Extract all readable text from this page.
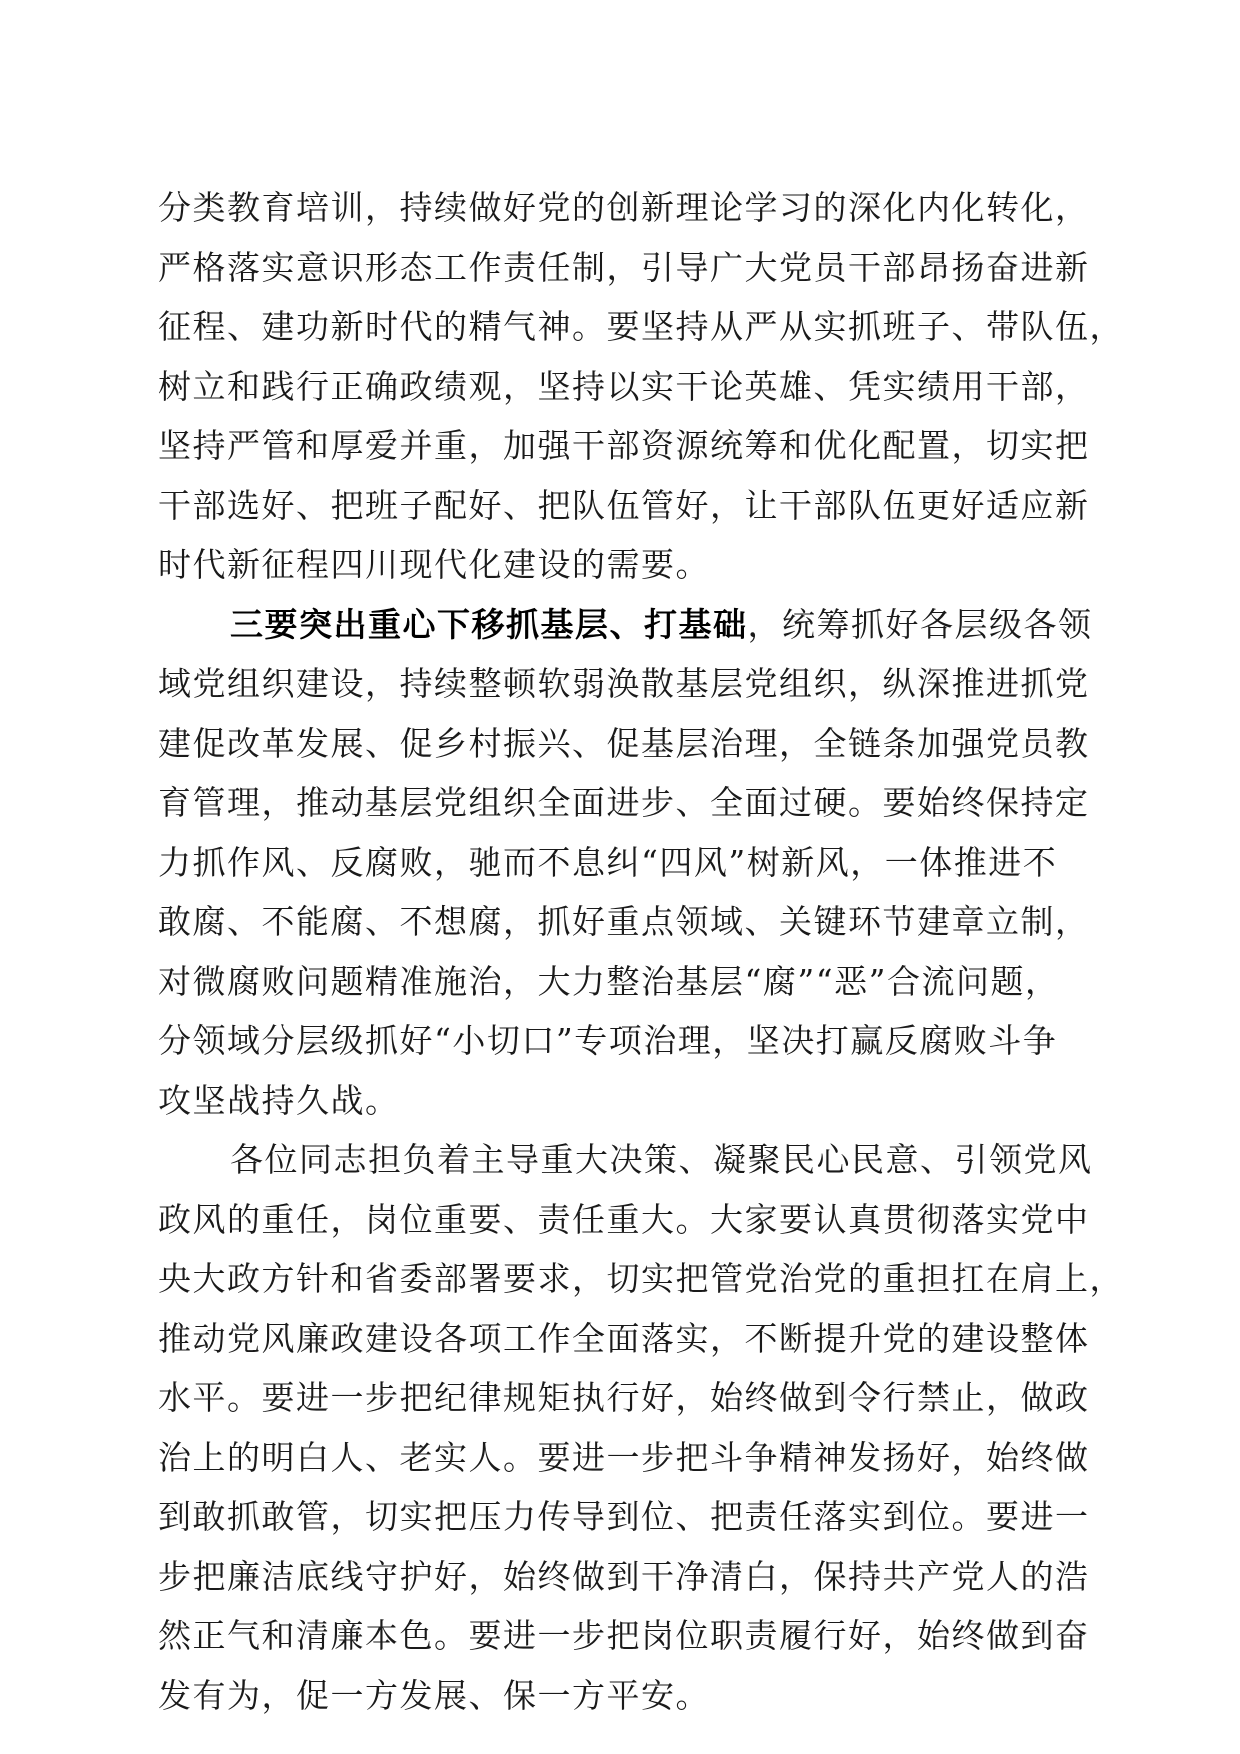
分类教育培训，持续做好党的创新理论学习的深化内化转化，
严格落实意识形态工作责任制，引导广大党员干部昂扬奋进新
征程、建功新时代的精气神。要坚持从严从实抓班子、带队伍，
树立和践行正确政绩观，坚持以实干论英雄、凭实绩用干部，
坚持严管和厚爱并重，加强干部资源统筹和优化配置，切实把
干部选好、把班子配好、把队伍管好，让干部队伍更好适应新
时代新征程四川现代化建设的需要。
三要突出重心下移抓基层、打基础，统筹抓好各层级各领
域党组织建设，持续整顿软弱涣散基层党组织，纵深推进抓党
建促改革发展、促乡村振兴、促基层治理，全链条加强党员教
育管理，推动基层党组织全面进步、全面过硬。要始终保持定
力抓作风、反腐败，驰而不息纠“四风”树新风，一体推进不
敢腐、不能腐、不想腐，抓好重点领域、关键环节建章立制，
对微腐败问题精准施治，大力整治基层“腐”“恶”合流问题，
分领域分层级抓好“小切口”专项治理，坚决打赢反腐败斗争
攻坚战持久战。
各位同志担负着主导重大决策、凝聚民心民意、引领党风
政风的重任，岗位重要、责任重大。大家要认真贯彻落实党中
央大政方针和省委部署要求，切实把管党治党的重担扛在肩上，
推动党风廉政建设各项工作全面落实，不断提升党的建设整体
水平。要进一步把纪律规矩执行好，始终做到令行禁止，做政
治上的明白人、老实人。要进一步把斗争精神发扬好，始终做
到敢抓敢管，切实把压力传导到位、把责任落实到位。要进一
步把廉洁底线守护好，始终做到干净清白，保持共产党人的浩
然正气和清廉本色。要进一步把岗位职责履行好，始终做到奋
发有为，促一方发展、保一方平安。
